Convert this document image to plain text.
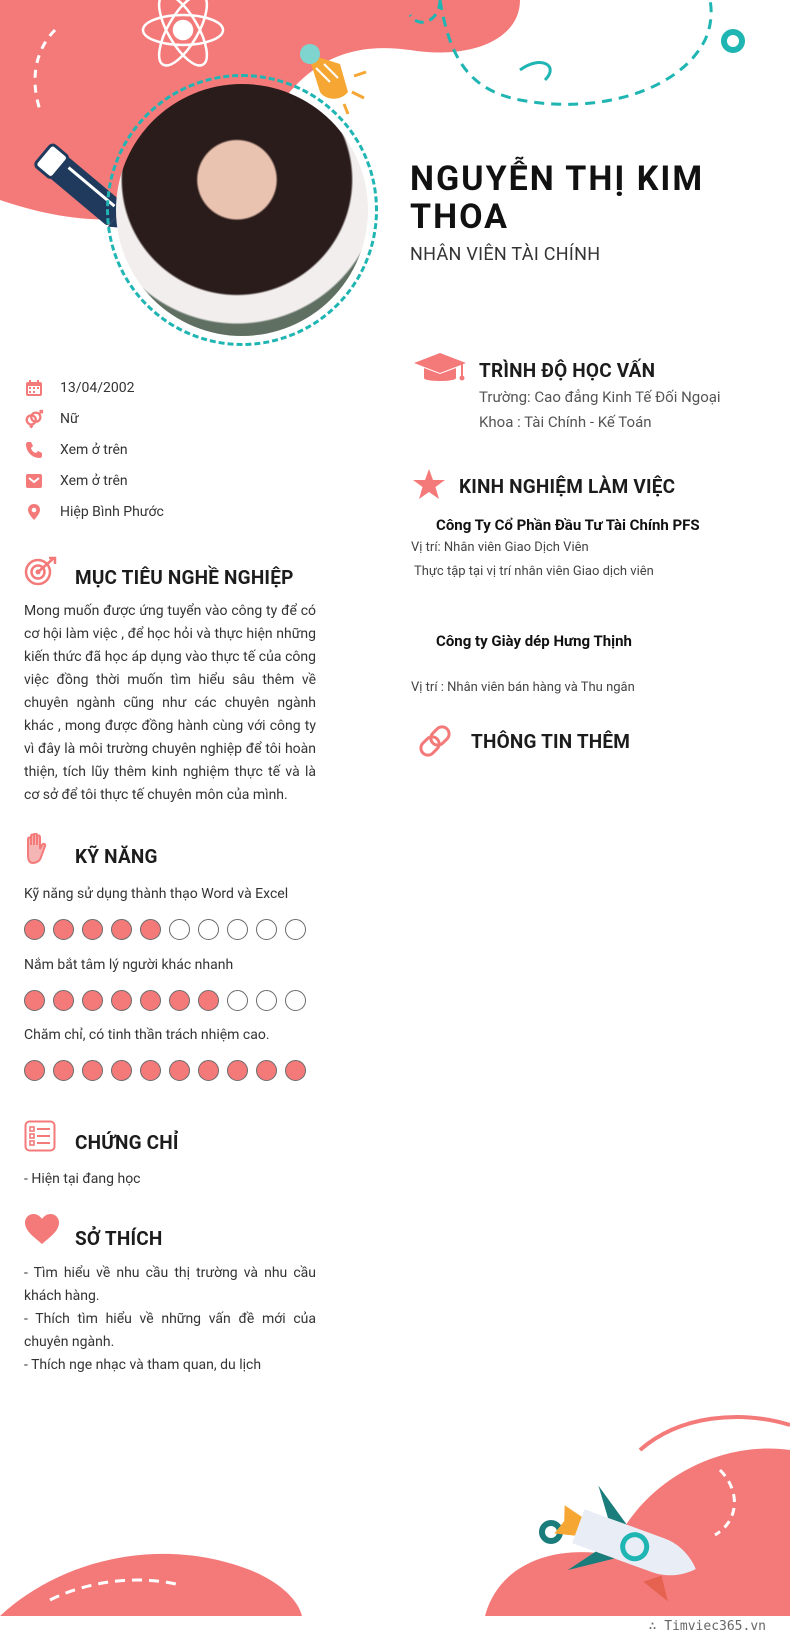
NGUYỄN THỊ KIM THOA
NHÂN VIÊN TÀI CHÍNH
13/04/2002
Nữ
Xem ở trên
Xem ở trên
Hiệp Bình Phước
MỤC TIÊU NGHỀ NGHIỆP
Mong muốn được ứng tuyển vào công ty để có cơ hội làm việc , để học hỏi và thực hiện những kiến thức đã học áp dụng vào thực tế của công việc đồng thời muốn tìm hiểu sâu thêm về chuyên ngành cũng như các chuyên ngành khác , mong được đồng hành cùng với công ty vì đây là môi trường chuyên nghiệp để tôi hoàn thiện, tích lũy thêm kinh nghiệm thực tế và là cơ sở để tôi thực tế chuyên môn của mình.
KỸ NĂNG
Kỹ năng sử dụng thành thạo Word và Excel
Nắm bắt tâm lý người khác nhanh
Chăm chỉ, có tinh thần trách nhiệm cao.
CHỨNG CHỈ
- Hiện tại đang học
SỞ THÍCH
- Tìm hiểu về nhu cầu thị trường và nhu cầu khách hàng.
- Thích tìm hiểu về những vấn đề mới của chuyên ngành.
- Thích nge nhạc và tham quan, du lịch
TRÌNH ĐỘ HỌC VẤN
Trường: Cao đẳng Kinh Tế Đối Ngoại
Khoa : Tài Chính - Kế Toán
KINH NGHIỆM LÀM VIỆC
Công Ty Cổ Phần Đầu Tư Tài Chính PFS
Vị trí: Nhân viên Giao Dịch Viên
Thực tập tại vị trí nhân viên Giao dịch viên
Công ty Giày dép Hưng Thịnh
Vị trí : Nhân viên bán hàng và Thu ngân
THÔNG TIN THÊM
∴ Timviec365.vn
